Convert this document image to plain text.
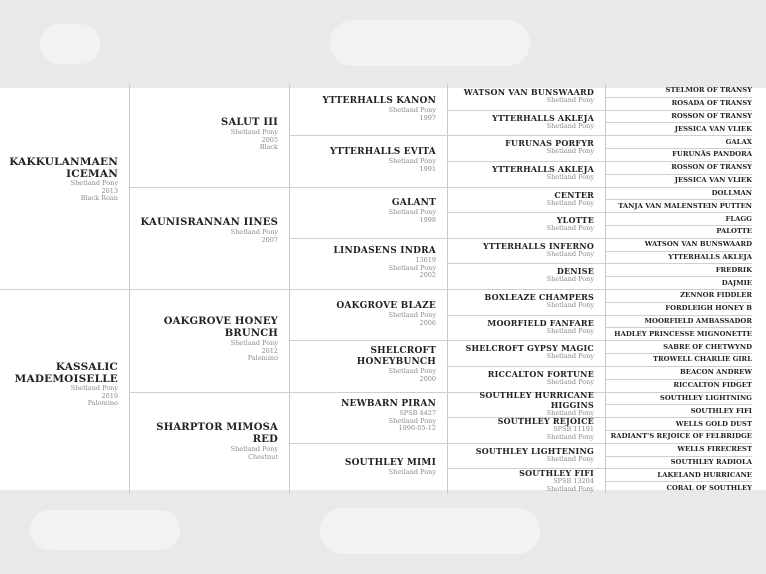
KAKKULANMAEN ICEMAN
Shetland Pony
2013
Black Roan
KASSALIC MADEMOISELLE
Shetland Pony
2019
Palomino
SALUT III
Shetland Pony
2005
Black
KAUNISRANNAN IINES
Shetland Pony
2007
OAKGROVE HONEY BRUNCH
Shetland Pony
2012
Palomino
SHARPTOR MIMOSA RED
Shetland Pony
Chestnut
YTTERHALLS KANON
Shetland Pony
1997
YTTERHALLS EVITA
Shetland Pony
1991
GALANT
Shetland Pony
1998
LINDASENS INDRA
13619
Shetland Pony
2002
OAKGROVE BLAZE
Shetland Pony
2006
SHELCROFT HONEYBUNCH
Shetland Pony
2000
NEWBARN PIRAN
SPSB 4427
Shetland Pony
1990-05-12
SOUTHLEY MIMI
Shetland Pony
WATSON VAN BUNSWAARD
Shetland Pony
YTTERHALLS AKLEJA
Shetland Pony
FURUNAS PORFYR
Shetland Pony
YTTERHALLS AKLEJA
Shetland Pony
CENTER
Shetland Pony
YLOTTE
Shetland Pony
YTTERHALLS INFERNO
Shetland Pony
DENISE
Shetland Pony
BOXLEAZE CHAMPERS
Shetland Pony
MOORFIELD FANFARE
Shetland Pony
SHELCROFT GYPSY MAGIC
Shetland Pony
RICCALTON FORTUNE
Shetland Pony
SOUTHLEY HURRICANE HIGGINS
Shetland Pony
SOUTHLEY REJOICE
SPSB 11191
Shetland Pony
SOUTHLEY LIGHTENING
Shetland Pony
SOUTHLEY FIFI
SPSB 13204
Shetland Pony
STELMOR OF TRANSY
ROSADA OF TRANSY
ROSSON OF TRANSY
JESSICA VAN VLIEK
GALAX
FURUNÄS PANDORA
ROSSON OF TRANSY
JESSICA VAN VLIEK
DOLLMAN
TANJA VAN MALENSTEIN PUTTEN
FLAGG
PALOTTE
WATSON VAN BUNSWAARD
YTTERHALLS AKLEJA
FREDRIK
DAJMIE
ZENNOR FIDDLER
FORDLEIGH HONEY B
MOORFIELD AMBASSADOR
HADLEY PRINCESSE MIGNONETTE
SABRE OF CHETWYND
TROWELL CHARLIE GIRL
BEACON ANDREW
RICCALTON FIDGET
SOUTHLEY LIGHTNING
SOUTHLEY FIFI
WELLS GOLD DUST
RADIANT'S REJOICE OF FELBRIDGE
WELLS FIRECREST
SOUTHLEY RADIOLA
LAKELAND HURRICANE
CORAL OF SOUTHLEY
